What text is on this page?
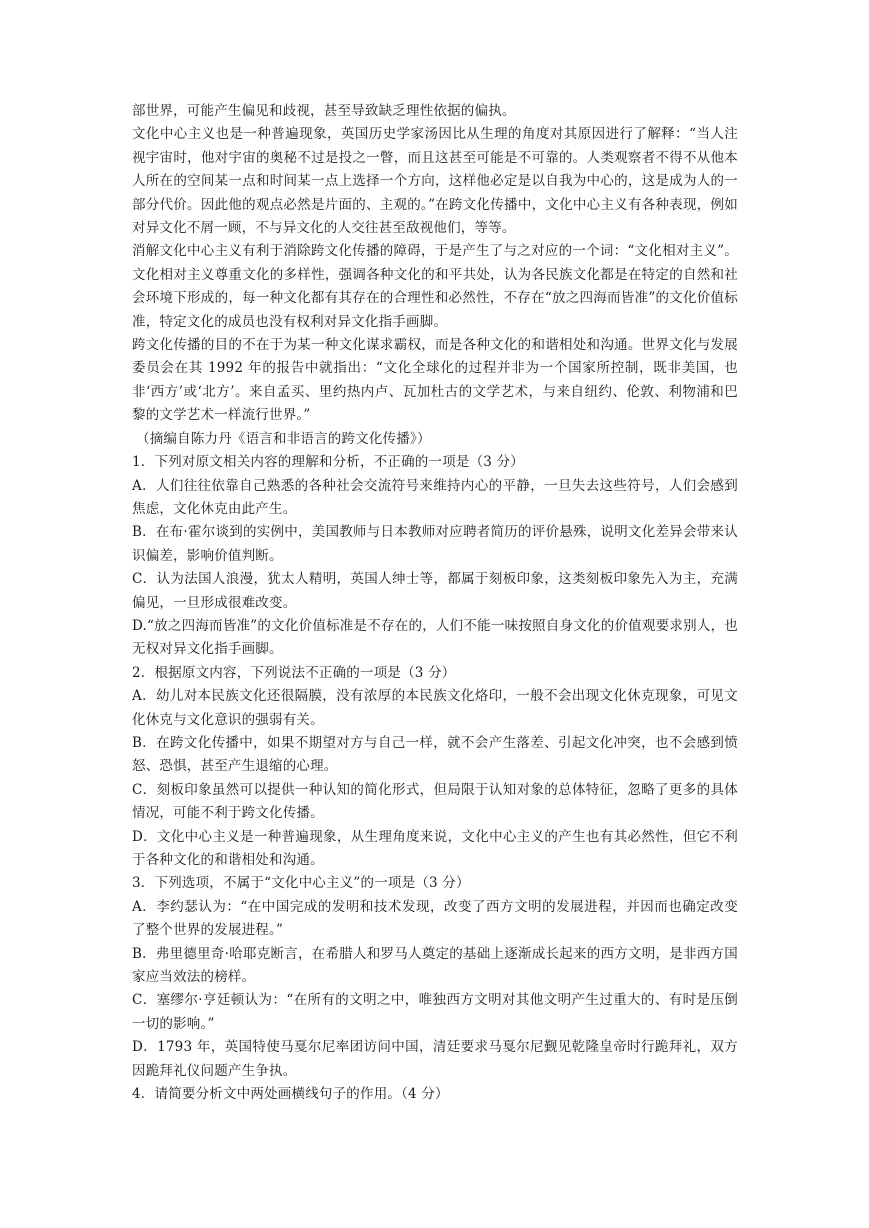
部世界，可能产生偏见和歧视，甚至导致缺乏理性依据的偏执。

文化中心主义也是一种普遍现象，英国历史学家汤因比从生理的角度对其原因进行了解释：“当人注视宇宙时，他对宇宙的奥秘不过是投之一瞥，而且这甚至可能是不可靠的。人类观察者不得不从他本人所在的空间某一点和时间某一点上选择一个方向，这样他必定是以自我为中心的，这是成为人的一部分代价。因此他的观点必然是片面的、主观的。”在跨文化传播中，文化中心主义有各种表现，例如对异文化不屑一顾，不与异文化的人交往甚至敌视他们，等等。

消解文化中心主义有利于消除跨文化传播的障碍，于是产生了与之对应的一个词：“文化相对主义”。文化相对主义尊重文化的多样性，强调各种文化的和平共处，认为各民族文化都是在特定的自然和社会环境下形成的，每一种文化都有其存在的合理性和必然性，不存在“放之四海而皆准”的文化价值标准，特定文化的成员也没有权利对异文化指手画脚。

跨文化传播的目的不在于为某一种文化谋求霸权，而是各种文化的和谐相处和沟通。世界文化与发展委员会在其 1992 年的报告中就指出：“文化全球化的过程并非为一个国家所控制，既非美国，也非‘西方’或‘北方’。来自孟买、里约热内卢、瓦加杜古的文学艺术，与来自纽约、伦敦、利物浦和巴黎的文学艺术一样流行世界。”

（摘编自陈力丹《语言和非语言的跨文化传播》）

1．下列对原文相关内容的理解和分析，不正确的一项是（3 分）

A．人们往往依靠自己熟悉的各种社会交流符号来维持内心的平静，一旦失去这些符号，人们会感到焦虑，文化休克由此产生。

B．在布·霍尔谈到的实例中，美国教师与日本教师对应聘者简历的评价悬殊，说明文化差异会带来认识偏差，影响价值判断。

C．认为法国人浪漫，犹太人精明，英国人绅士等，都属于刻板印象，这类刻板印象先入为主，充满偏见，一旦形成很难改变。

D.“放之四海而皆准”的文化价值标准是不存在的，人们不能一味按照自身文化的价值观要求别人，也无权对异文化指手画脚。

2．根据原文内容，下列说法不正确的一项是（3 分）

A．幼儿对本民族文化还很隔膜，没有浓厚的本民族文化烙印，一般不会出现文化休克现象，可见文化休克与文化意识的强弱有关。

B．在跨文化传播中，如果不期望对方与自己一样，就不会产生落差、引起文化冲突，也不会感到愤怒、恐惧，甚至产生退缩的心理。

C．刻板印象虽然可以提供一种认知的简化形式，但局限于认知对象的总体特征，忽略了更多的具体情况，可能不利于跨文化传播。

D．文化中心主义是一种普遍现象，从生理角度来说，文化中心主义的产生也有其必然性，但它不利于各种文化的和谐相处和沟通。

3．下列选项，不属于“文化中心主义”的一项是（3 分）

A．李约瑟认为：“在中国完成的发明和技术发现，改变了西方文明的发展进程，并因而也确定改变了整个世界的发展进程。”

B．弗里德里奇·哈耶克断言，在希腊人和罗马人奠定的基础上逐渐成长起来的西方文明，是非西方国家应当效法的榜样。

C．塞缪尔·亨廷顿认为：“在所有的文明之中，唯独西方文明对其他文明产生过重大的、有时是压倒一切的影响。”

D．1793 年，英国特使马戛尔尼率团访问中国，清廷要求马戛尔尼觐见乾隆皇帝时行跪拜礼，双方因跪拜礼仪问题产生争执。

4．请简要分析文中两处画横线句子的作用。（4 分）
